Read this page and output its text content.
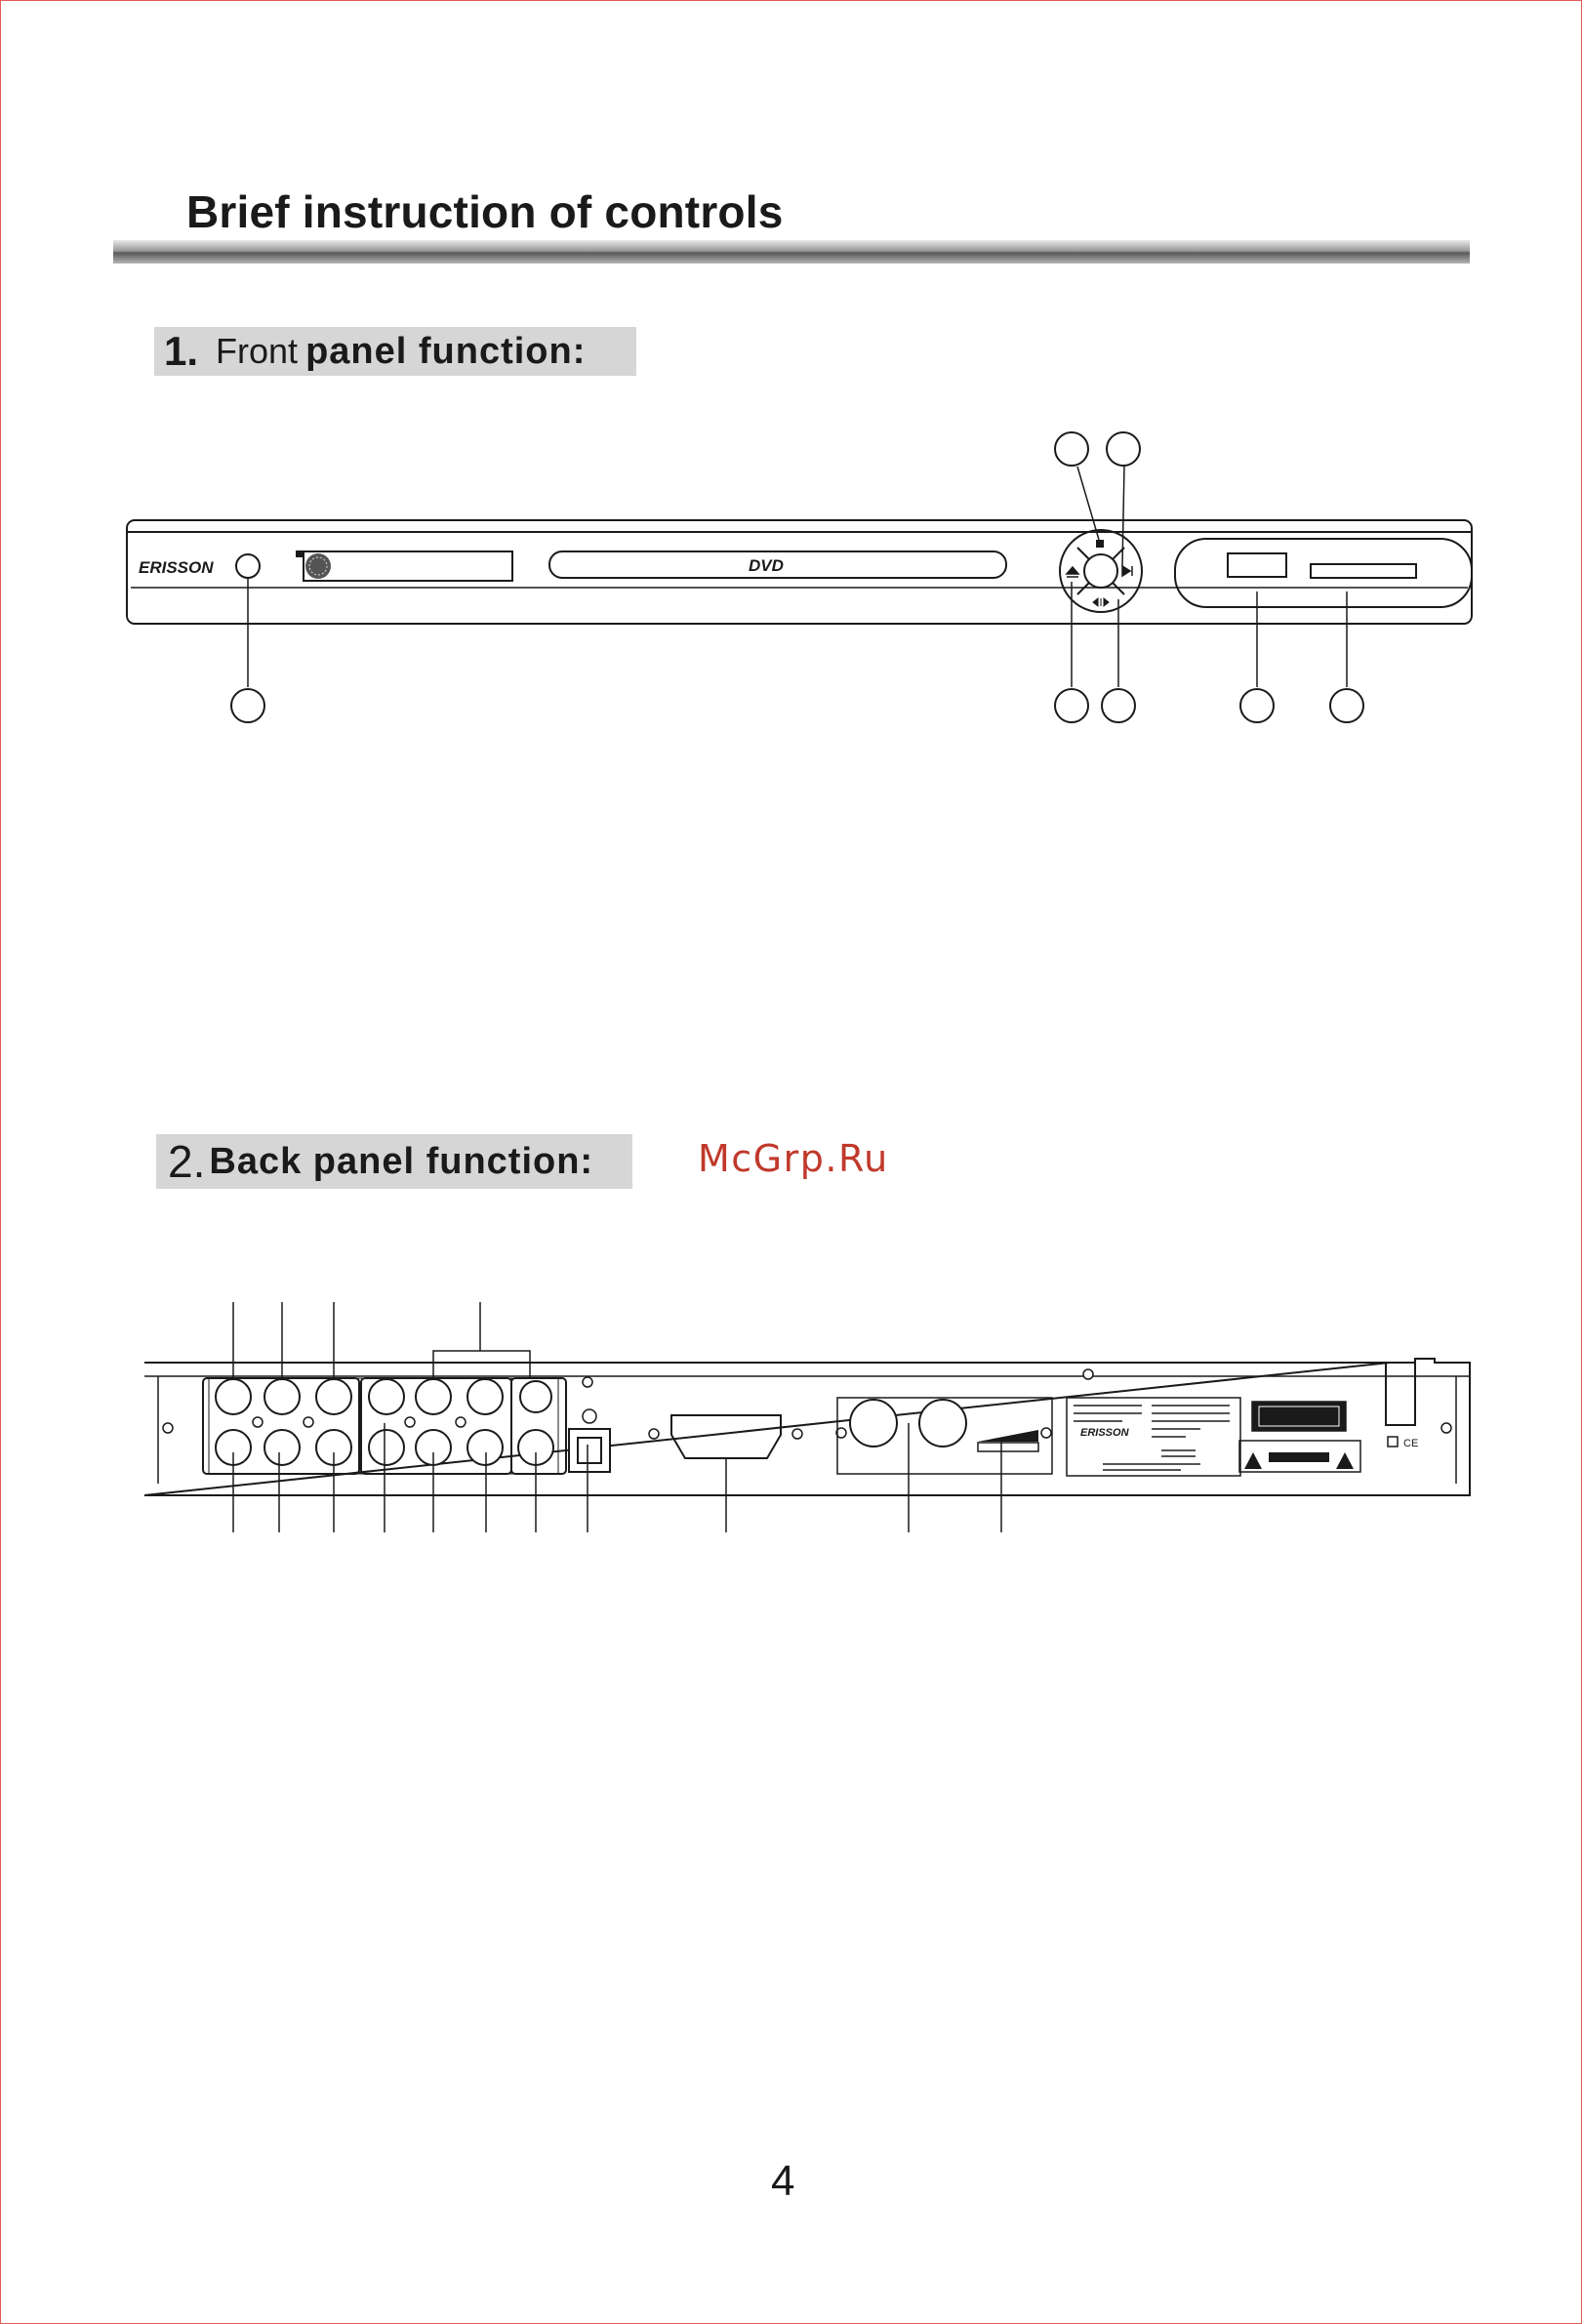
Brief instruction of controls
1. Front panel function:
ERISSON	DVD
2. Back panel function:	McGrp.Ru
ERISSON
CE
4
